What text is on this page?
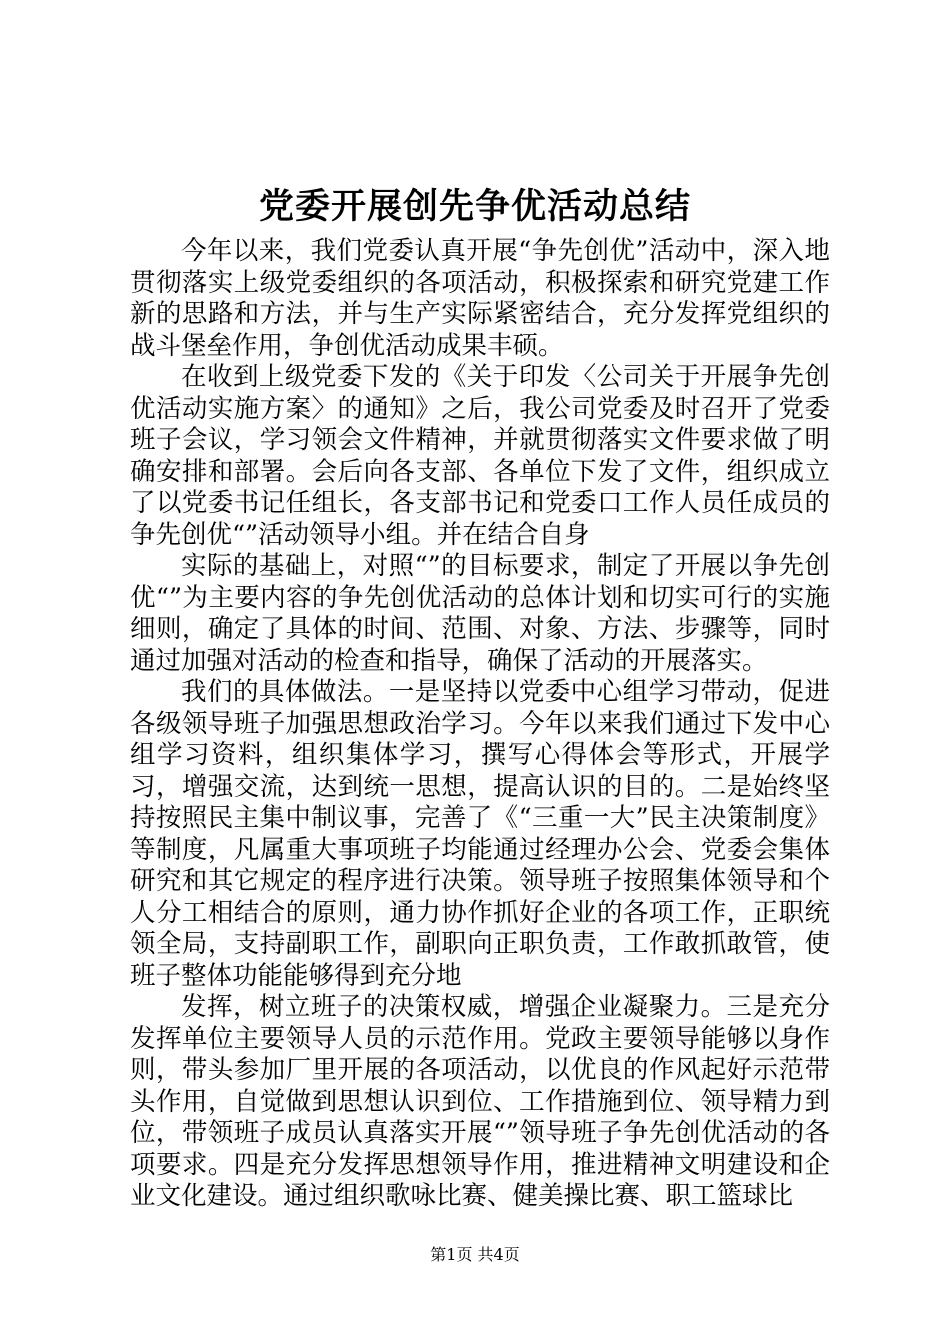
党委开展创先争优活动总结

今年以来，我们党委认真开展“争先创优”活动中，深入地贯彻落实上级党委组织的各项活动，积极探索和研究党建工作新的思路和方法，并与生产实际紧密结合，充分发挥党组织的战斗堡垒作用，争创优活动成果丰硕。

在收到上级党委下发的《关于印发〈公司关于开展争先创优活动实施方案〉的通知》之后，我公司党委及时召开了党委班子会议，学习领会文件精神，并就贯彻落实文件要求做了明确安排和部署。会后向各支部、各单位下发了文件，组织成立了以党委书记任组长，各支部书记和党委口工作人员任成员的争先创优“”活动领导小组。并在结合自身

实际的基础上，对照“”的目标要求，制定了开展以争先创优“”为主要内容的争先创优活动的总体计划和切实可行的实施细则，确定了具体的时间、范围、对象、方法、步骤等，同时通过加强对活动的检查和指导，确保了活动的开展落实。

我们的具体做法。一是坚持以党委中心组学习带动，促进各级领导班子加强思想政治学习。今年以来我们通过下发中心组学习资料，组织集体学习，撰写心得体会等形式，开展学习，增强交流，达到统一思想，提高认识的目的。二是始终坚持按照民主集中制议事，完善了《“三重一大”民主决策制度》等制度，凡属重大事项班子均能通过经理办公会、党委会集体研究和其它规定的程序进行决策。领导班子按照集体领导和个人分工相结合的原则，通力协作抓好企业的各项工作，正职统领全局，支持副职工作，副职向正职负责，工作敢抓敢管，使班子整体功能能够得到充分地

发挥，树立班子的决策权威，增强企业凝聚力。三是充分发挥单位主要领导人员的示范作用。党政主要领导能够以身作则，带头参加厂里开展的各项活动，以优良的作风起好示范带头作用，自觉做到思想认识到位、工作措施到位、领导精力到位，带领班子成员认真落实开展“”领导班子争先创优活动的各项要求。四是充分发挥思想领导作用，推进精神文明建设和企业文化建设。通过组织歌咏比赛、健美操比赛、职工篮球比

第1页 共4页
